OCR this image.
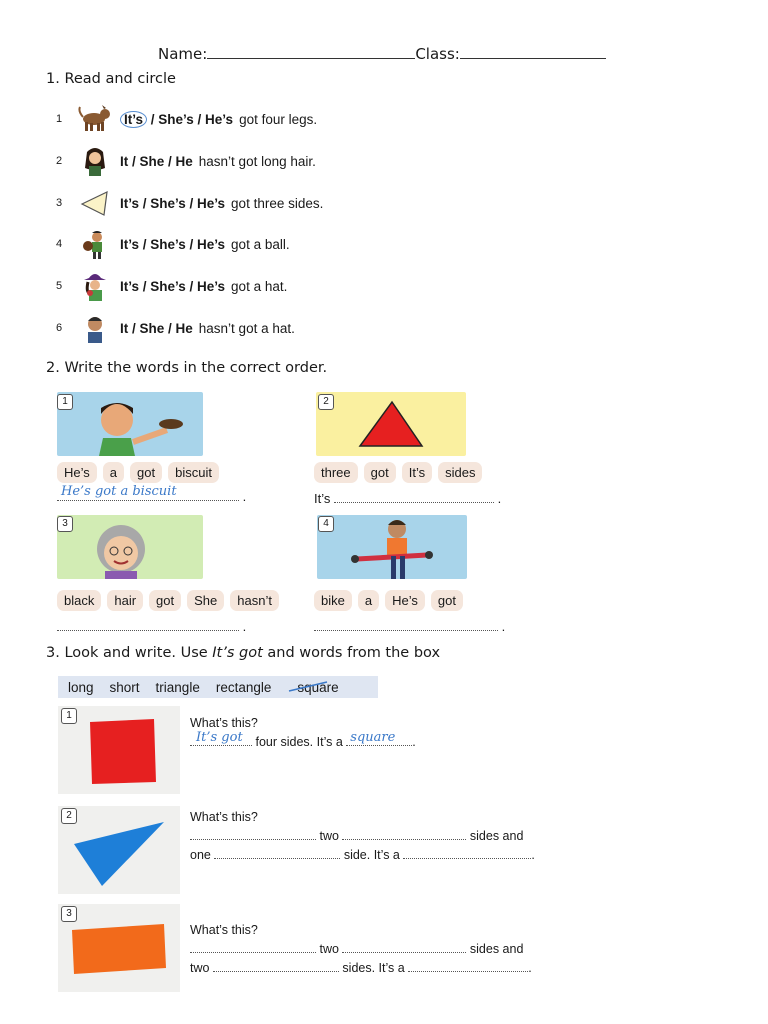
Name:	Class:
1. Read and circle
1	It’s / She’s / He’s got four legs.
2	It / She / He hasn’t got long hair.
3	It’s / She’s / He’s got three sides.
4	It’s / She’s / He’s got a ball.
5	It’s / She’s / He’s got a hat.
6	It / She / He hasn’t got a hat.
2. Write the words in the correct order.
1
He’s a got biscuit
He’s got a biscuit	.
2
three got It’s sides
It’s	.
3
black hair got She hasn’t
.
4
bike a He’s got
.
3. Look and write. Use It’s got and words from the box
long short triangle rectangle	square
1
What’s this?
It’s got four sides. It’s a square .
2	What’s this?
two	sides and
one	side. It’s a	.
3
What’s this?
two	sides and
two	sides. It’s a	.
